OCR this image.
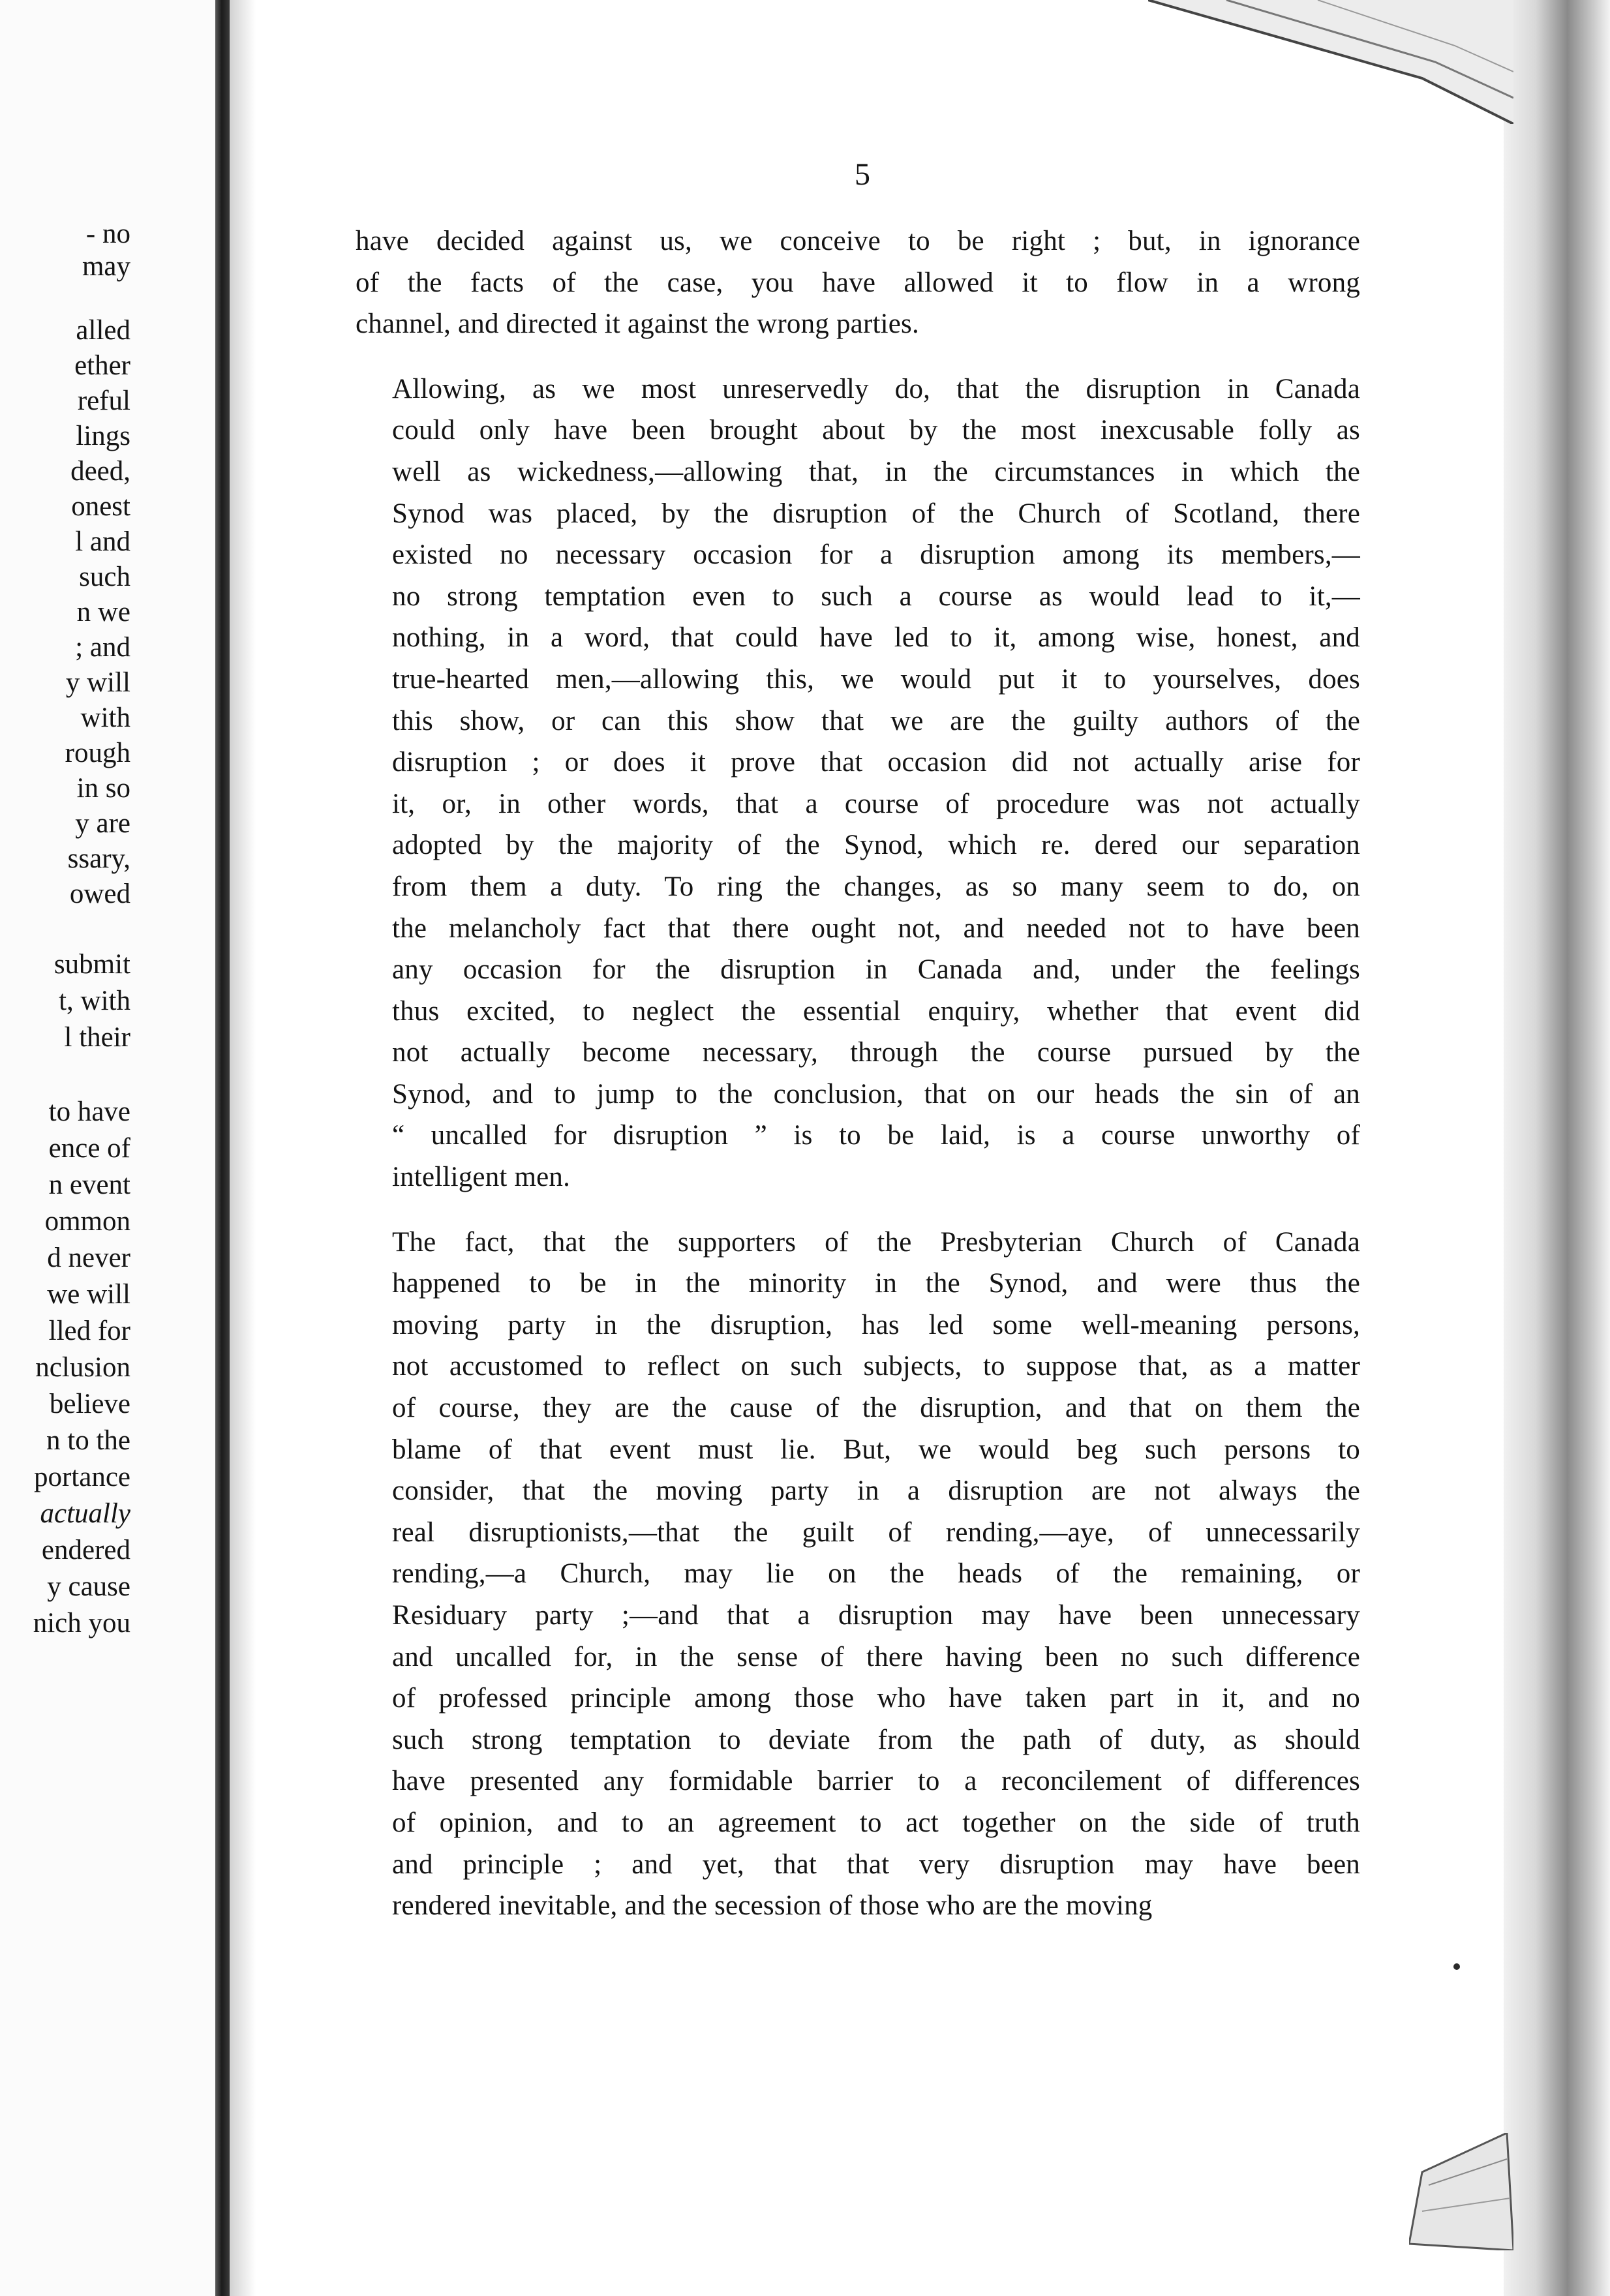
- no
may
alled
ether
reful
lings
deed,
onest
l and
such
n we
; and
y will
with
rough
in so
y are
ssary,
owed
submit
t, with
l their
to have
ence of
n event
ommon
d never
we will
lled for
nclusion
believe
n to the
portance
actually
endered
y cause
nich you
5

have decided against us, we conceive to be right ; but, in ignorance
of the facts of the case, you have allowed it to flow in a wrong
channel, and directed it against the wrong parties.

Allowing, as we most unreservedly do, that the disruption in Canada
could only have been brought about by the most inexcusable folly as
well as wickedness,—allowing that, in the circumstances in which the
Synod was placed, by the disruption of the Church of Scotland, there
existed no necessary occasion for a disruption among its members,—
no strong temptation even to such a course as would lead to it,—
nothing, in a word, that could have led to it, among wise, honest, and
true-hearted men,—allowing this, we would put it to yourselves, does
this show, or can this show that we are the guilty authors of the
disruption ; or does it prove that occasion did not actually arise for
it, or, in other words, that a course of procedure was not actually
adopted by the majority of the Synod, which re. dered our separation
from them a duty. To ring the changes, as so many seem to do, on
the melancholy fact that there ought not, and needed not to have been
any occasion for the disruption in Canada and, under the feelings
thus excited, to neglect the essential enquiry, whether that event did
not actually become necessary, through the course pursued by the
Synod, and to jump to the conclusion, that on our heads the sin of an
“ uncalled for disruption ” is to be laid, is a course unworthy of
intelligent men.

The fact, that the supporters of the Presbyterian Church of Canada
happened to be in the minority in the Synod, and were thus the
moving party in the disruption, has led some well-meaning persons,
not accustomed to reflect on such subjects, to suppose that, as a matter
of course, they are the cause of the disruption, and that on them the
blame of that event must lie. But, we would beg such persons to
consider, that the moving party in a disruption are not always the
real disruptionists,—that the guilt of rending,—aye, of unnecessarily
rending,—a Church, may lie on the heads of the remaining, or
Residuary party ;—and that a disruption may have been unnecessary
and uncalled for, in the sense of there having been no such difference
of professed principle among those who have taken part in it, and no
such strong temptation to deviate from the path of duty, as should
have presented any formidable barrier to a reconcilement of differences
of opinion, and to an agreement to act together on the side of truth
and principle ; and yet, that that very disruption may have been
rendered inevitable, and the secession of those who are the moving
